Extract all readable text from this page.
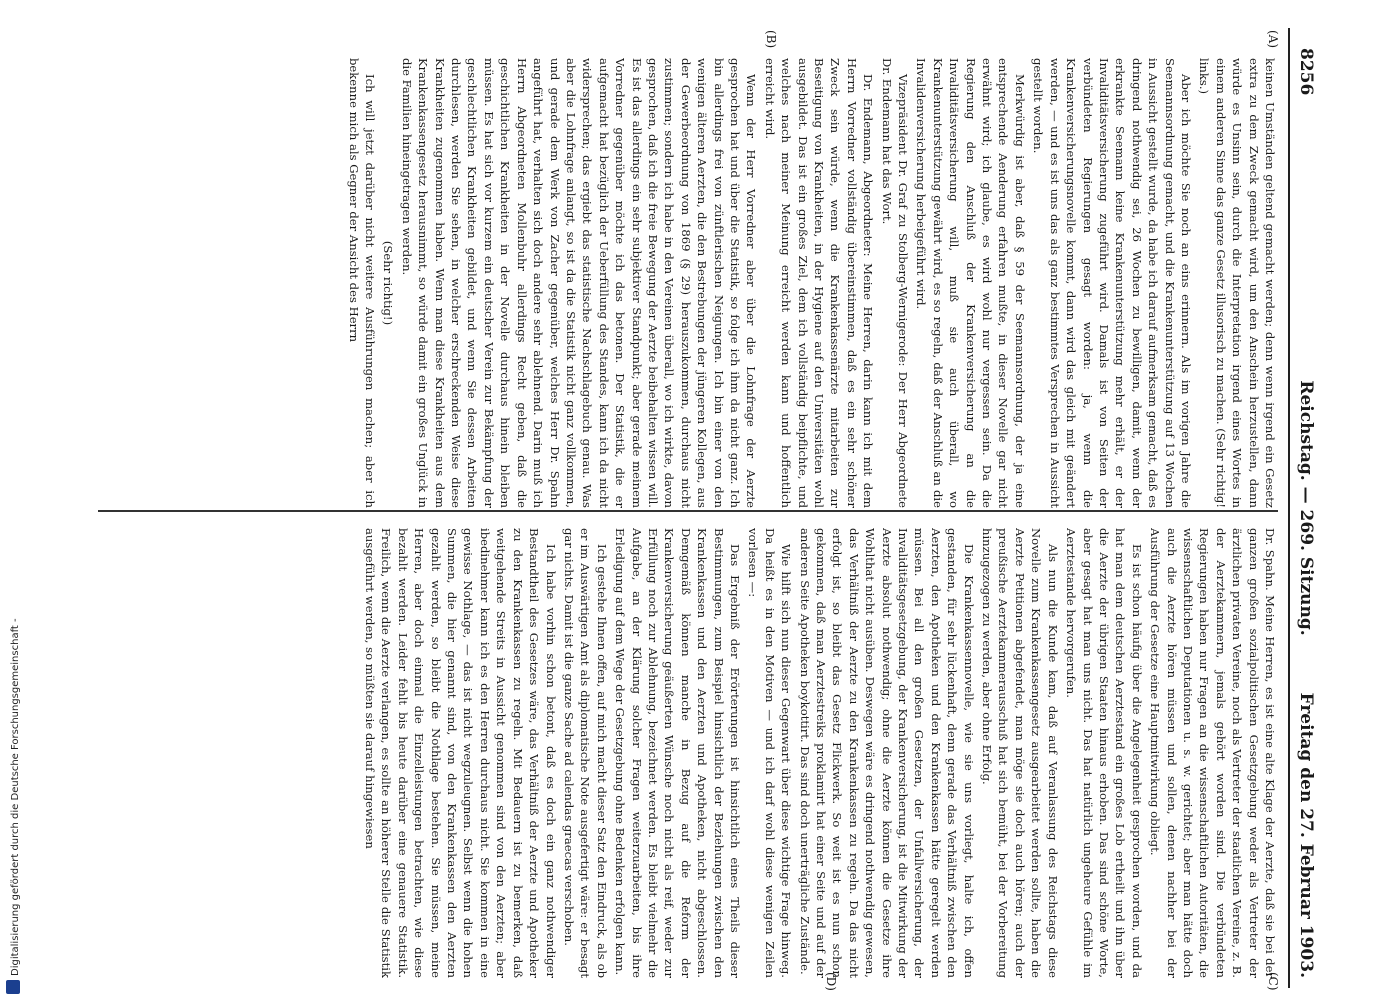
8256
Reichstag. — 269. Sitzung.
Freitag den 27. Februar 1903.
(A)
(B)
(C)
(D)

keinen Umständen geltend gemacht werden; denn wenn irgend ein Gesetz extra zu dem Zweck gemacht wird, um den Anschein herzustellen, dann würde es Unsinn sein, durch die Interpretation irgend eines Wortes in einem anderen Sinne das ganze Gesetz illusorisch zu machen. (Sehr richtig! links.)

Aber ich möchte Sie noch an eins erinnern. Als im vorigen Jahre die Seemannsordnung gemacht, und die Krankenunterstützung auf 13 Wochen in Aussicht gestellt wurde, da habe ich darauf aufmerksam gemacht, daß es dringend nothwendig sei, 26 Wochen zu bewilligen, damit, wenn der erkrankte Seemann keine Krankenunterstützung mehr erhält, er der Invaliditätsversicherung zugeführt wird. Damals ist von Seiten der verbündeten Regierungen gesagt worden: ja, wenn die Krankenversicherungsnovelle kommt, dann wird das gleich mit geändert werden, — und es ist uns das als ganz bestimmtes Versprechen in Aussicht gestellt worden.

Merkwürdig ist aber, daß § 59 der Seemannsordnung, der ja eine entsprechende Aenderung erfahren mußte, in dieser Novelle gar nicht erwähnt wird; ich glaube, es wird wohl nur vergessen sein. Da die Regierung den Anschluß der Krankenversicherung an die Invaliditätsversicherung will, muß sie auch überall, wo Krankenunterstützung gewährt wird, es so regeln, daß der Anschluß an die Invalidenversicherung herbeigeführt wird.

Vizepräsident Dr. Graf zu Stolberg-Wernigerode: Der Herr Abgeordnete Dr. Endemann hat das Wort.

Dr. Endemann, Abgeordneter: Meine Herren, darin kann ich mit dem Herrn Vorredner vollständig übereinstimmen, daß es ein sehr schöner Zweck sein würde, wenn die Krankenkassenärzte mitarbeiten zur Beseitigung von Krankheiten, in der Hygiene auf den Universitäten wohl ausgebildet. Das ist ein großes Ziel, dem ich vollständig beipflichte, und welches nach meiner Meinung erreicht werden kann und hoffentlich erreicht wird.

Wenn der Herr Vorredner aber über die Lohnfrage der Aerzte gesprochen hat und über die Statistik, so folge ich ihm da nicht ganz. Ich bin allerdings frei von zünftlerischen Neigungen. Ich bin einer von den wenigen älteren Aerzten, die den Bestrebungen der jüngeren Kollegen, aus der Gewerbeordnung von 1869 (§ 29) herauszukommen, durchaus nicht zustimmen; sondern ich habe in den Vereinen überall, wo ich wirkte, davon gesprochen, daß ich die freie Bewegung der Aerzte beibehalten wissen will. Es ist das allerdings ein sehr subjektiver Standpunkt; aber gerade meinem Vorredner gegenüber möchte ich das betonen. Der Statistik, die er aufgemacht hat bezüglich der Ueberfüllung des Standes, kann ich da nicht widersprechen; das ergiebt das statistische Nachschlagebuch genau. Was aber die Lohnfrage anlangt, so ist da die Statistik nicht ganz vollkommen, und gerade dem Werk von Zacher gegenüber, welches Herr Dr. Spahn angeführt hat, verhalten sich doch andere sehr ablehnend. Darin muß ich Herrn Abgeordneten Mollenbuhr allerdings Recht geben, daß die geschichtlichen Krankheiten in der Novelle durchaus hinein bleiben müssen. Es hat sich vor kurzem ein deutscher Verein zur Bekämpfung der geschlechtlichen Krankheiten gebildet, und wenn Sie dessen Arbeiten durchlesen, werden Sie sehen, in welcher erschreckenden Weise diese Krankheiten zugenommen haben. Wenn man diese Krankheiten aus dem Krankenkassengesetz herausnimmt, so würde damit ein großes Unglück in die Familien hineingetragen werden.

(Sehr richtig!)

Ich will jetzt darüber nicht weitere Ausführungen machen; aber ich bekenne mich als Gegner der Ansicht des Herrn

Dr. Spahn. Meine Herren, es ist eine alte Klage der Aerzte, daß sie bei der ganzen großen sozialpolitischen Gesetzgebung weder als Vertreter der ärztlichen privaten Vereine, noch als Vertreter der staatlichen Vereine, z. B. der Aerztekammern, jemals gehört worden sind. Die verbündeten Regierungen haben nur Fragen an die wissenschaftlichen Autoritäten, die wissenschaftlichen Deputationen u. s. w. gerichtet; aber man hätte doch auch die Aerzte hören müssen und sollen, denen nachher bei der Ausführung der Gesetze eine Hauptmitwirkung obliegt.

Es ist schon häufig über die Angelegenheit gesprochen worden, und da hat man dem deutschen Aerztestand ein großes Lob ertheilt und ihn über die Aerzte der übrigen Staaten hinaus erhoben. Das sind schöne Worte, aber gesagt hat man uns nicht. Das hat natürlich ungeheure Gefühle im Aerztestande hervorgerufen.

Als nun die Kunde kam, daß auf Veranlassung des Reichstags diese Novelle zum Krankenkassengesetz ausgearbeitet werden sollte, haben die Aerzte Petitionen abgefendet, man möge sie doch auch hören; auch der preußische Aerztekammerausschuß hat sich bemüht, bei der Vorbereitung hinzugezogen zu werden, aber ohne Erfolg.

Die Krankenkassennovelle, wie sie uns vorliegt, halte ich, offen gestanden, für sehr lückenhaft, denn gerade das Verhältniß zwischen den Aerzten, den Apotheken und den Krankenkassen hätte geregelt werden müssen. Bei all den großen Gesetzen, der Unfallversicherung, der Invaliditätsgesetzgebung, der Krankenversicherung, ist die Mitwirkung der Aerzte absolut nothwendig; ohne die Aerzte können die Gesetze ihre Wohlthat nicht ausüben. Deswegen wäre es dringend nothwendig gewesen, das Verhältniß der Aerzte zu den Krankenkassen zu regeln. Da das nicht erfolgt ist, so bleibt das Gesetz Flickwerk. So weit ist es nun schon gekommen, daß man Aerztestreiks proklamirt hat einer Seite und auf der anderen Seite Apotheken boykottirt. Das sind doch unerträgliche Zustände.

Wie hilft sich nun dieser Gegenwart über diese wichtige Frage hinweg. Da heißt es in den Motiven — und ich darf wohl diese wenigen Zeilen vorlesen —:

Das Ergebniß der Erörterungen ist hinsichtlich eines Theils dieser Bestimmungen, zum Beispiel hinsichtlich der Beziehungen zwischen den Krankenkassen und den Aerzten und Apotheken, nicht abgeschlossen. Demgemäß können manche in Bezug auf die Reform der Krankenversicherung geäußerten Wünsche noch nicht als reif, weder zur Erfüllung noch zur Ablehnung, bezeichnet werden. Es bleibt vielmehr die Aufgabe, an der Klärung solcher Fragen weiterzuarbeiten, bis ihre Erledigung auf dem Wege der Gesetzgebung ohne Bedenken erfolgen kann.

Ich gestehe Ihnen offen, auf mich macht dieser Satz den Eindruck, als ob er im Auswärtigen Amt als diplomatische Note ausgefertigt wäre: er besagt gar nichts. Damit ist die ganze Sache ad calendas graecas verschoben.

Ich habe vorhin schon betont, daß es doch ein ganz nothwendiger Bestandtheil des Gesetzes wäre, das Verhältniß der Aerzte und Apotheker zu den Krankenkassen zu regeln. Mit Bedauern ist zu bemerken, daß weitgehende Streits in Aussicht genommen sind von den Aerzten; aber ibedinehmer kann ich es den Herren durchaus nicht. Sie kommen in eine gewisse Nothlage, — das ist nicht wegzuleugnen. Selbst wenn die hohen Summen, die hier genannt sind, von den Krankenkassen den Aerzten gezahlt werden, so bleibt die Nothlage bestehen. Sie müssen, meine Herren, aber doch einmal die Einzelleistungen betrachten, wie diese bezahlt werden. Leider fehlt bis heute darüber eine genauere Statistik. Freilich, wenn die Aerzte verlangen, es sollte an höherer Stelle die Statistik ausgeführt werden, so müßten sie darauf hingewiesen

Digitalisierung gefördert durch die Deutsche Forschungsgemeinschaft -
